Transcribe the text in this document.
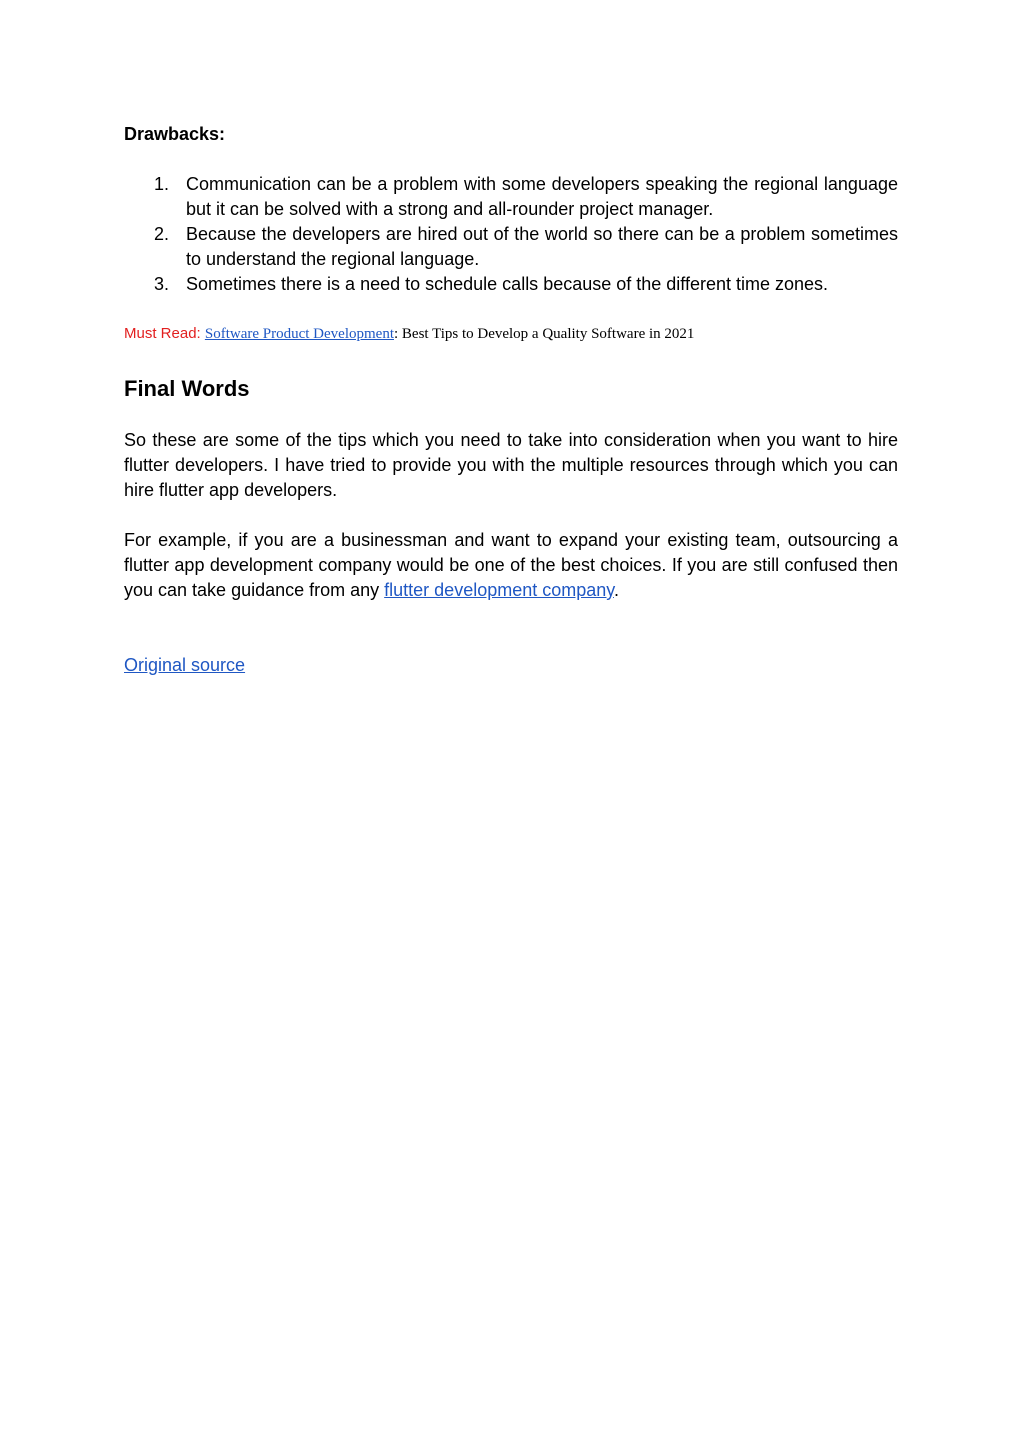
Drawbacks:
1. Communication can be a problem with some developers speaking the regional language but it can be solved with a strong and all-rounder project manager.
2. Because the developers are hired out of the world so there can be a problem sometimes to understand the regional language.
3. Sometimes there is a need to schedule calls because of the different time zones.
Must Read: Software Product Development: Best Tips to Develop a Quality Software in 2021
Final Words

So these are some of the tips which you need to take into consideration when you want to hire flutter developers. I have tried to provide you with the multiple resources through which you can hire flutter app developers.

For example, if you are a businessman and want to expand your existing team, outsourcing a flutter app development company would be one of the best choices. If you are still confused then you can take guidance from any flutter development company.

Original source
